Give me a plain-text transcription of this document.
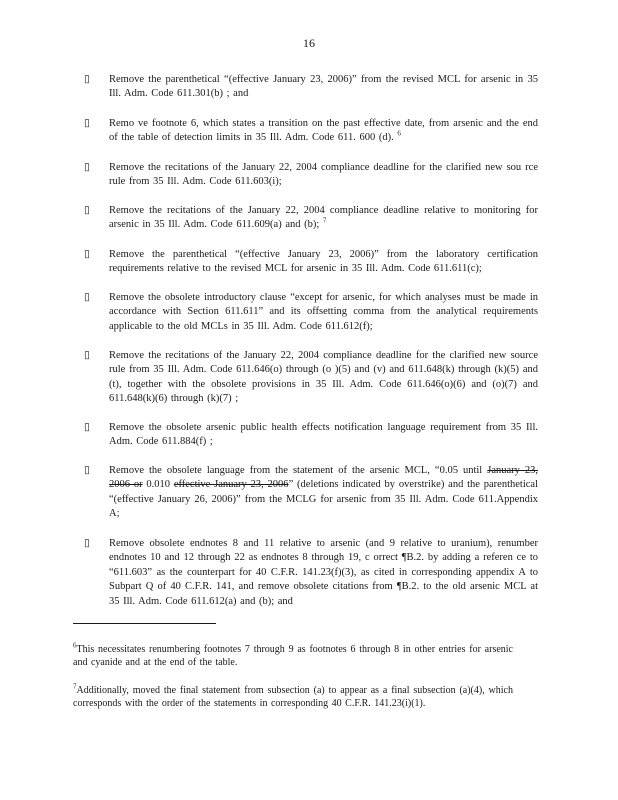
16
▯	Remove the parenthetical “(effective January 23, 2006)” from the revised MCL for arsenic in 35 Ill. Adm. Code 611.301(b) ; and
▯	Remo ve footnote 6, which states a transition on the past effective date, from arsenic and the end of the table of detection limits in 35 Ill. Adm. Code 611. 600 (d). $^6$
▯	Remove the recitations of the January 22, 2004 compliance deadline for the clarified new sou rce rule from 35 Ill. Adm. Code 611.603(i);
▯	Remove the recitations of the January 22, 2004 compliance deadline relative to monitoring for arsenic in 35 Ill. Adm. Code 611.609(a) and (b); $^7$
▯	Remove the parenthetical “(effective January 23, 2006)” from the laboratory certification requirements relative to the revised MCL for arsenic in 35 Ill. Adm. Code 611.611(c);
▯	Remove the obsolete introductory clause “except for arsenic, for which analyses must be made in accordance with Section 611.611” and its offsetting comma from the analytical requirements applicable to the old MCLs in 35 Ill. Adm. Code 611.612(f);
▯	Remove the recitations of the January 22, 2004 compliance deadline for the clarified new source rule from 35 Ill. Adm. Code 611.646(o) through (o )(5) and (v) and 611.648(k) through (k)(5) and (t), together with the obsolete provisions in 35 Ill. Adm. Code 611.646(o)(6) and (o)(7) and 611.648(k)(6) through (k)(7) ;
▯	Remove the obsolete arsenic public health effects notification language requirement from 35 Ill. Adm. Code 611.884(f) ;
▯	Remove the obsolete language from the statement of the arsenic MCL, “0.05 until January 23, 2006 or 0.010 effective January 23, 2006” (deletions indicated by overstrike) and the parenthetical “(effective January 26, 2006)” from the MCLG for arsenic from 35 Ill. Adm. Code 611.Appendix A;
▯	Remove obsolete endnotes 8 and 11 relative to arsenic (and 9 relative to uranium), renumber endnotes 10 and 12 through 22 as endnotes 8 through 19, c orrect ¶B.2. by adding a referen ce to “611.603” as the counterpart for 40 C.F.R. 141.23(f)(3), as cited in corresponding appendix A to Subpart Q of 40 C.F.R. 141, and remove obsolete citations from ¶B.2. to the old arsenic MCL at 35 Ill. Adm. Code 611.612(a) and (b); and
$^6$This necessitates renumbering footnotes 7 through 9 as footnotes 6 through 8 in other entries for arsenic and cyanide and at the end of the table.
$^7$Additionally, moved the final statement from subsection (a) to appear as a final subsection (a)(4), which corresponds with the order of the statements in corresponding 40 C.F.R. 141.23(i)(1).
